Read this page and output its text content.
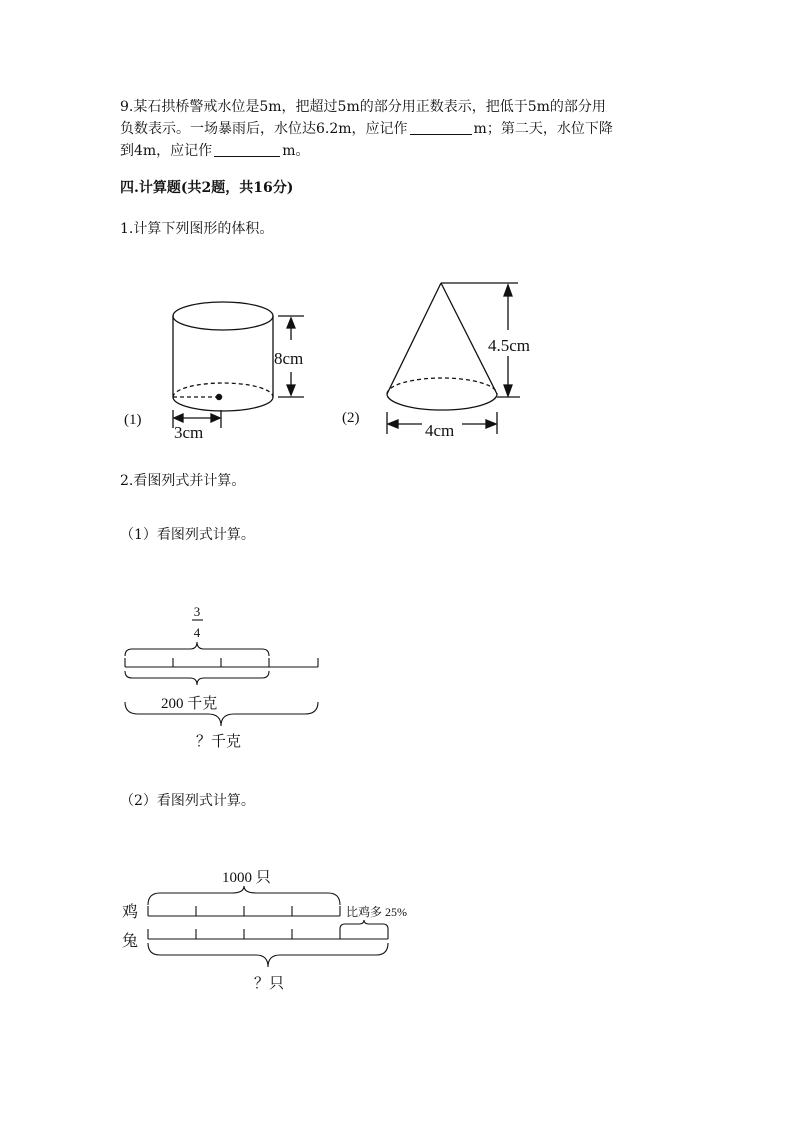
9.某石拱桥警戒水位是5m，把超过5m的部分用正数表示，把低于5m的部分用
负数表示。一场暴雨后，水位达6.2m，应记作	m；第二天，水位下降
到4m，应记作	m。
四.计算题(共2题，共16分)
1.计算下列图形的体积。
(1)
8cm
3cm
(2)
4.5cm
4cm
3
4
200 千克
？千克
1000 只
鸡
兔
比鸡多 25%
？只
2.看图列式并计算。
（1）看图列式计算。
（2）看图列式计算。
